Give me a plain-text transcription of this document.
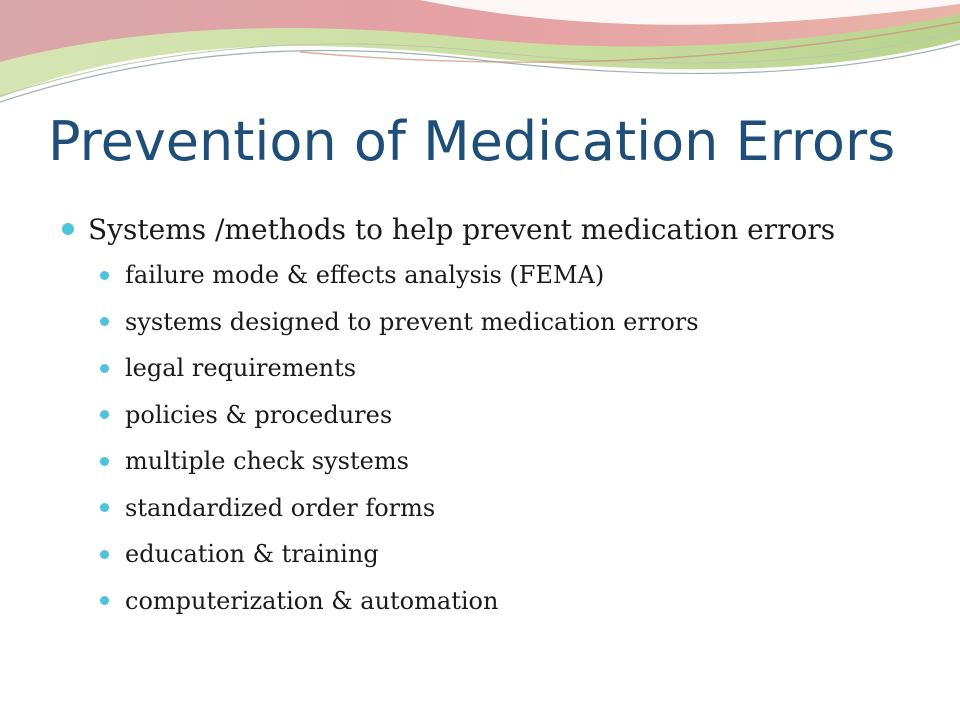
Prevention of Medication Errors
Systems /methods to help prevent medication errors
failure mode & effects analysis (FEMA)
systems designed to prevent medication errors
legal requirements
policies & procedures
multiple check systems
standardized order forms
education & training
computerization & automation
